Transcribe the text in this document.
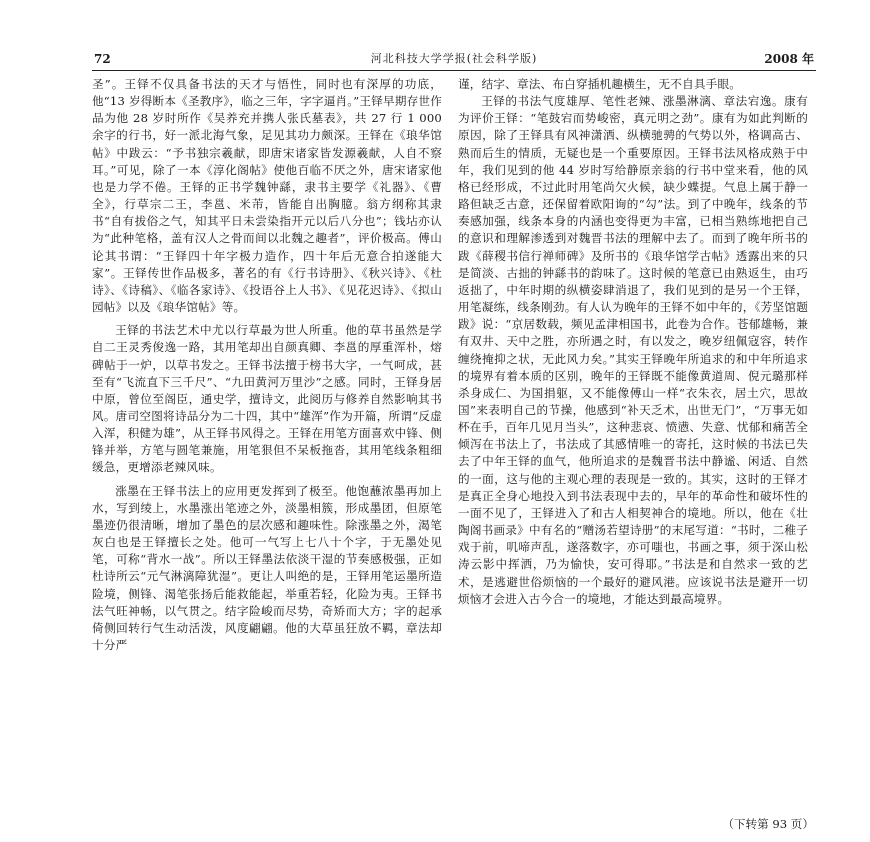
72	河北科技大学学报(社会科学版)	2008 年

圣”。王铎不仅具备书法的天才与悟性，同时也有深厚的功底，他“13 岁得断本《圣教序》，临之三年，字字逼肖。”王铎早期存世作品为他 28 岁时所作《吴养充并携人张氏墓表》，共 27 行 1 000 余字的行书，好一派北海气象，足见其功力颇深。王铎在《琅华馆帖》中跋云：“予书独宗羲献，即唐宋诸家皆发源羲献，人自不察耳。”可见，除了一本《淳化阁帖》使他百临不厌之外，唐宋诸家他也是力学不倦。王铎的正书学魏钟繇，隶书主要学《礼器》、《曹全》，行草宗二王，李邕、米芾，皆能自出胸臆。翁方纲称其隶书“自有拔俗之气，知其平日未尝染指开元以后八分也”；钱坫亦认为“此种笔格，盖有汉人之骨而间以北魏之趣者”，评价极高。傅山论其书谓：“王铎四十年字极力造作，四十年后无意合拍遂能大家”。王铎传世作品极多，著名的有《行书诗册》、《秋兴诗》、《杜诗》、《诗稿》、《临各家诗》、《投语谷上人书》、《见花迟诗》、《拟山园帖》以及《琅华馆帖》等。

王铎的书法艺术中尤以行草最为世人所重。他的草书虽然是学自二王灵秀俊逸一路，其用笔却出自颜真卿、李邕的厚重浑朴，熔碑帖于一炉，以草书发之。王铎书法擅于榜书大字，一气呵成，甚至有“飞流直下三千尺”、“九田黄河万里沙”之感。同时，王铎身居中原，曾位至阁臣，通史学，擅诗文，此阅历与修养自然影响其书风。唐司空图将诗品分为二十四，其中“雄浑”作为开篇，所谓“反虚入浑，积健为雄”，从王铎书风得之。王铎在用笔方面喜欢中锋、侧锋并举，方笔与圆笔兼施，用笔狠但不呆板拖沓，其用笔线条粗细缓急，更增添老辣风味。

涨墨在王铎书法上的应用更发挥到了极至。他饱蘸浓墨再加上水，写到绫上，水墨涨出笔迹之外，淡墨相簇，形成墨团，但原笔墨迹仍很清晰，增加了墨色的层次感和趣味性。除涨墨之外，渴笔灰白也是王铎擅长之处。他可一气写上七八十个字，于无墨处见笔，可称“背水一战”。所以王铎墨法依淡干湿的节奏感极强，正如杜诗所云“元气淋漓障犹湿”。更让人叫绝的是，王铎用笔运墨所造险境，侧锋、渴笔张扬后能救能起，举重若轻，化险为夷。王铎书法气旺神畅，以气贯之。结字险峻而尽势，奇矫而大方；字的起承倚侧回转行气生动活泼，风度翩翩。他的大草虽狂放不羁，章法却十分严

谨，结字、章法、布白穿插机趣横生，无不自具手眼。

王铎的书法气度雄厚、笔性老辣、涨墨淋漓、章法宕逸。康有为评价王铎：“笔鼓宕而势峻密，真元明之劲”。康有为如此判断的原因，除了王铎具有风神潇洒、纵横驰骋的气势以外，格调高古、熟而后生的情质，无疑也是一个重要原因。王铎书法风格成熟于中年，我们见到的他 44 岁时写给静原亲翁的行书中堂来看，他的风格已经形成，不过此时用笔尚欠火候，缺少蝶提。气息上属于静一路但缺乏古意，还保留着欧阳询的“勾”法。到了中晚年，线条的节奏感加强，线条本身的内涵也变得更为丰富，已相当熟练地把自己的意识和理解渗透到对魏晋书法的理解中去了。而到了晚年所书的跋《薛稷书信行禅师碑》及所书的《琅华馆学古帖》透露出来的只是简淡、古拙的钟繇书的韵味了。这时候的笔意已由熟返生，由巧返拙了，中年时期的纵横姿肆消退了，我们见到的是另一个王铎，用笔凝练，线条刚劲。有人认为晚年的王铎不如中年的，《芳坚馆题跋》说：“京居数载，频见孟津相国书，此卷为合作。苍郁雄畅，兼有双井、天中之胜，亦所遇之时，有以发之，晚岁纽佩寇容，转作缠绕掩抑之状，无此风力矣。”其实王铎晚年所追求的和中年所追求的境界有着本质的区别，晚年的王铎既不能像黄道周、倪元璐那样杀身成仁、为国捐躯，又不能像傅山一样“衣朱衣，居土穴，思故国”来表明自己的节操，他感到“补天乏术，出世无门”，“万事无如杯在手，百年几见月当头”，这种悲哀、愤懑、失意、忧郁和痛苦全倾泻在书法上了，书法成了其感情唯一的寄托，这时候的书法已失去了中年王铎的血气，他所追求的是魏晋书法中静谧、闲适、自然的一面，这与他的主观心理的表现是一致的。其实，这时的王铎才是真正全身心地投入到书法表现中去的，早年的革命性和破坏性的一面不见了，王铎进入了和古人相契神合的境地。所以，他在《壮陶阁书画录》中有名的“赠汤若望诗册”的末尾写道：“书时，二稚子戏于前，叽啼声乱，遂落数字，亦可嗤也，书画之事，须于深山松涛云影中挥洒，乃为愉快，安可得耶。”书法是和自然求一致的艺术，是逃避世俗烦恼的一个最好的避风港。应该说书法是避开一切烦恼才会进入古今合一的境地，才能达到最高境界。

（下转第 93 页）
